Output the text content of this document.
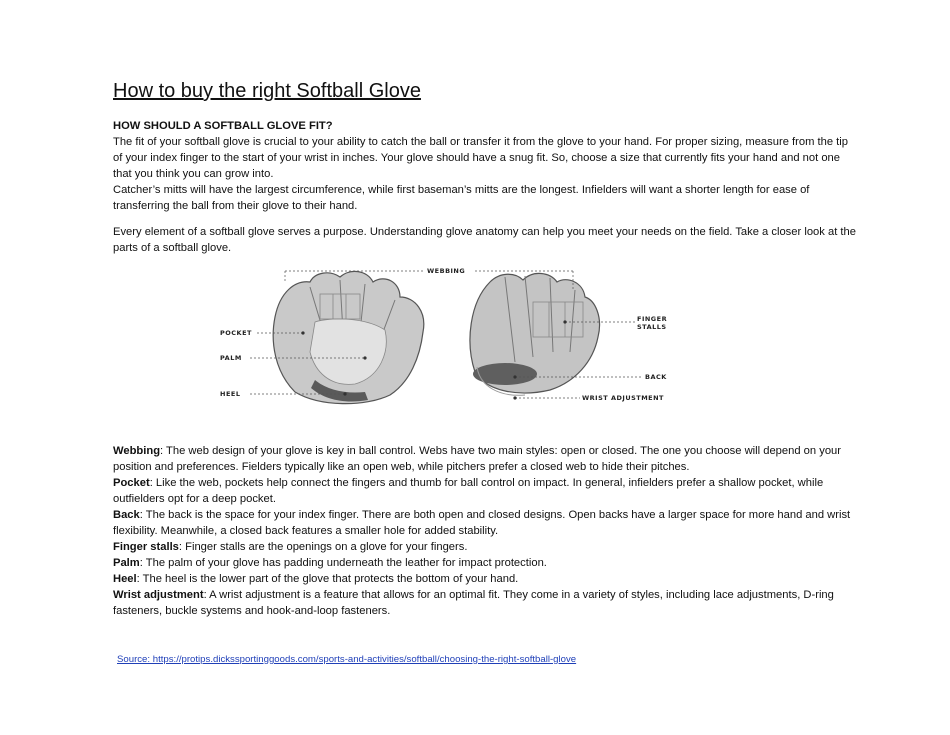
How to buy the right Softball Glove

HOW SHOULD A SOFTBALL GLOVE FIT?

The fit of your softball glove is crucial to your ability to catch the ball or transfer it from the glove to your hand. For proper sizing, measure from the tip of your index finger to the start of your wrist in inches. Your glove should have a snug fit. So, choose a size that currently fits your hand and not one that you think you can grow into.

Catcher’s mitts will have the largest circumference, while first baseman’s mitts are the longest. Infielders will want a shorter length for ease of transferring the ball from their glove to their hand.

Every element of a softball glove serves a purpose. Understanding glove anatomy can help you meet your needs on the field. Take a closer look at the parts of a softball glove.

WEBBING
POCKET
PALM
HEEL
FINGER
STALLS
BACK
WRIST ADJUSTMENT

Webbing: The web design of your glove is key in ball control. Webs have two main styles: open or closed. The one you choose will depend on your position and preferences. Fielders typically like an open web, while pitchers prefer a closed web to hide their pitches.

Pocket: Like the web, pockets help connect the fingers and thumb for ball control on impact. In general, infielders prefer a shallow pocket, while outfielders opt for a deep pocket.

Back: The back is the space for your index finger. There are both open and closed designs. Open backs have a larger space for more hand and wrist flexibility. Meanwhile, a closed back features a smaller hole for added stability.

Finger stalls: Finger stalls are the openings on a glove for your fingers.

Palm: The palm of your glove has padding underneath the leather for impact protection.

Heel: The heel is the lower part of the glove that protects the bottom of your hand.

Wrist adjustment: A wrist adjustment is a feature that allows for an optimal fit. They come in a variety of styles, including lace adjustments, D-ring fasteners, buckle systems and hook-and-loop fasteners.

Source: https://protips.dickssportinggoods.com/sports-and-activities/softball/choosing-the-right-softball-glove
